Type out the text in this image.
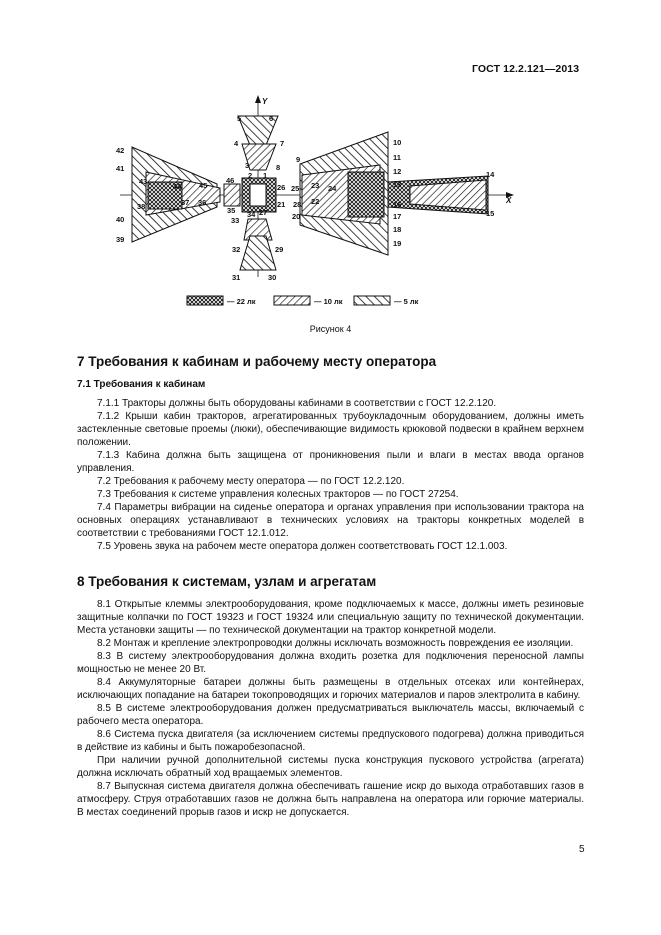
ГОСТ 12.2.121—2013
Y
X
1
2
3
4
5	6
7
8
9
10
11
12
13
14
15
16
17
18
19
20
21	22
23 24
25
26
27
28
29
30
31
32
33
34
35
36
37
38
39
40
41
42
43
44 45
46
— 22 лк	— 10 лк	— 5 лк
Рисунок 4
7 Требования к кабинам и рабочему месту оператора
7.1 Требования к кабинам

7.1.1 Тракторы должны быть оборудованы кабинами в соответствии с ГОСТ 12.2.120.

7.1.2 Крыши кабин тракторов, агрегатированных трубоукладочным оборудованием, должны иметь застекленные световые проемы (люки), обеспечивающие видимость крюковой подвески в крайнем верхнем положении.

7.1.3 Кабина должна быть защищена от проникновения пыли и влаги в местах ввода органов управления.

7.2 Требования к рабочему месту оператора — по ГОСТ 12.2.120.

7.3 Требования к системе управления колесных тракторов — по ГОСТ 27254.

7.4 Параметры вибрации на сиденье оператора и органах управления при использовании трактора на основных операциях устанавливают в технических условиях на тракторы конкретных моделей в соответствии с требованиями ГОСТ 12.1.012.

7.5 Уровень звука на рабочем месте оператора должен соответствовать ГОСТ 12.1.003.

8 Требования к системам, узлам и агрегатам

8.1 Открытые клеммы электрооборудования, кроме подключаемых к массе, должны иметь резиновые защитные колпачки по ГОСТ 19323 и ГОСТ 19324 или специальную защиту по технической документации. Места установки защиты — по технической документации на трактор конкретной модели.

8.2 Монтаж и крепление электропроводки должны исключать возможность повреждения ее изоляции.

8.3 В систему электрооборудования должна входить розетка для подключения переносной лампы мощностью не менее 20 Вт.

8.4 Аккумуляторные батареи должны быть размещены в отдельных отсеках или контейнерах, исключающих попадание на батареи токопроводящих и горючих материалов и паров электролита в кабину.

8.5 В системе электрооборудования должен предусматриваться выключатель массы, включаемый с рабочего места оператора.

8.6 Система пуска двигателя (за исключением системы предпускового подогрева) должна приводиться в действие из кабины и быть пожаробезопасной.

При наличии ручной дополнительной системы пуска конструкция пускового устройства (агрегата) должна исключать обратный ход вращаемых элементов.

8.7 Выпускная система двигателя должна обеспечивать гашение искр до выхода отработавших газов в атмосферу. Струя отработавших газов не должна быть направлена на оператора или горючие материалы. В местах соединений прорыв газов и искр не допускается.

5
